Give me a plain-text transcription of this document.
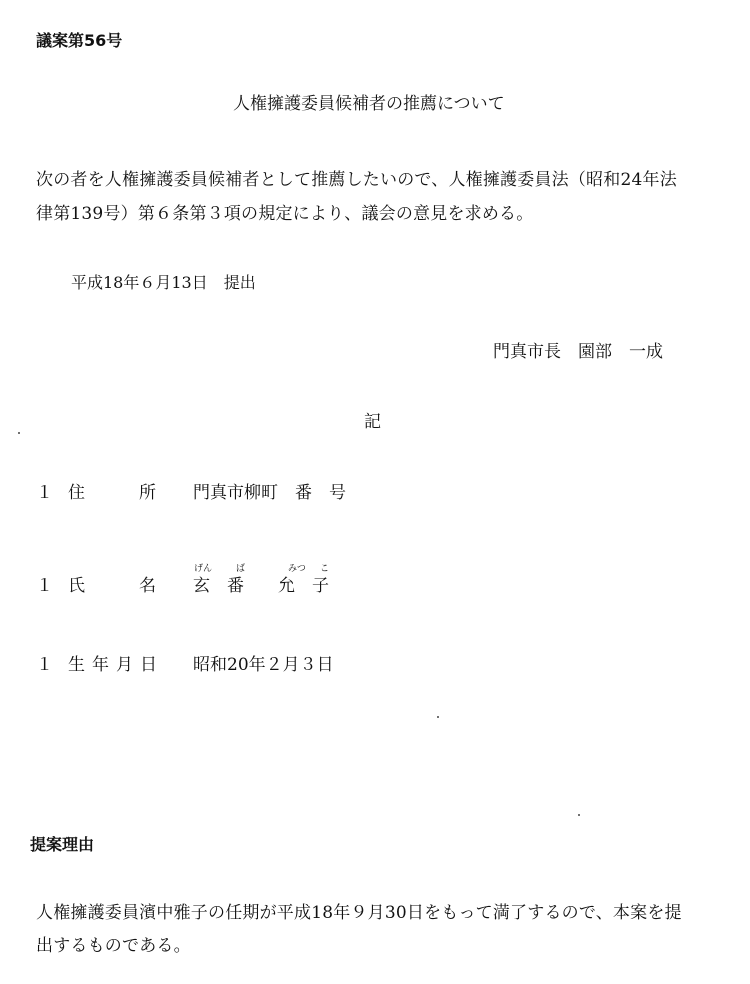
議案第56号
人権擁護委員候補者の推薦について
次の者を人権擁護委員候補者として推薦したいので、人権擁護委員法（昭和24年法
律第139号）第６条第３項の規定により、議会の意見を求める。
平成18年６月13日　提出
門真市長　園部　一成
記
１ 住	所 門真市柳町　番　号
げん	ば	みつ こ
１ 氏	名 玄　番　　允　子
１ 生年月日 昭和20年２月３日
提案理由
人権擁護委員濱中雅子の任期が平成18年９月30日をもって満了するので、本案を提
出するものである。
